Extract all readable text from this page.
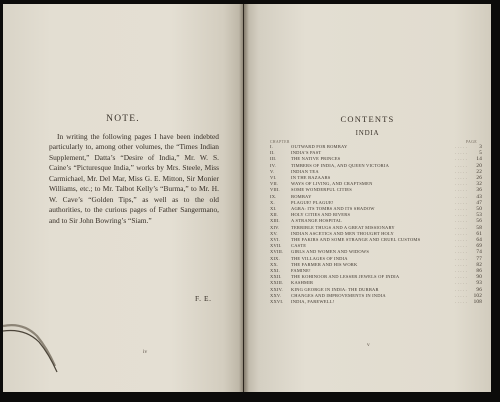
NOTE.
In writing the following pages I have been indebted particularly to, among other volumes, the “Times Indian Supplement,” Datta’s “Desire of India,” Mr. W. S. Caine’s “Picturesque India,” works by Mrs. Steele, Miss Carmichael, Mr. Del Mar, Miss G. E. Mitton, Sir Monier Williams, etc.; to Mr. Talbot Kelly’s “Burma,” to Mr. H. W. Cave’s “Golden Tips,” as well as to the old authorities, to the curious pages of Father Sangermano, and to Sir John Bowring’s “Siam.”
F. E.
iv
CONTENTS
INDIA
CHAPTER	PAGE
I.	OUTWARD FOR BOMBAY	. . . . .	3
II.	INDIA’S PAST	. . . . .	5
III.	THE NATIVE PRINCES	. . . . .	14
IV.	TIMBERS OF INDIA, AND QUEEN VICTORIA	. . . . .	20
V.	INDIAN TEA	. . . . .	22
VI.	IN THE BAZAARS	. . . . .	26
VII.	WAYS OF LIVING, AND CRAFTSMEN	. . . . .	32
VIII.	SOME WONDERFUL CITIES	. . . . .	36
IX.	BOMBAY	. . . . .	43
X.	PLAGUE! PLAGUE!	. . . . .	47
XI.	AGRA: ITS TOMBS AND ITS SHADOW	. . . . .	50
XII.	HOLY CITIES AND RIVERS	. . . . .	53
XIII.	A STRANGE HOSPITAL	. . . . .	56
XIV.	TERRIBLE THUGS AND A GREAT MISSIONARY	. . . . .	58
XV.	INDIAN ASCETICS AND MEN THOUGHT HOLY	. . . . .	61
XVI.	THE FAKIRS AND SOME STRANGE AND CRUEL CUSTOMS	. . . . .	64
XVII.	CASTE	. . . . .	69
XVIII.	GIRLS AND WOMEN AND WIDOWS	. . . . .	74
XIX.	THE VILLAGES OF INDIA	. . . . .	77
XX.	THE FARMER AND HIS WORK	. . . . .	82
XXI.	FAMINE!	. . . . .	86
XXII.	THE KOHINOOR AND LESSER JEWELS OF INDIA	. . . . .	90
XXIII.	KASHMIR	. . . . .	93
XXIV.	KING GEORGE IN INDIA: THE DURBAR	. . . . .	96
XXV.	CHANGES AND IMPROVEMENTS IN INDIA	. . . . .	102
XXVI.	INDIA, FAREWELL!	. . . . .	108
v
